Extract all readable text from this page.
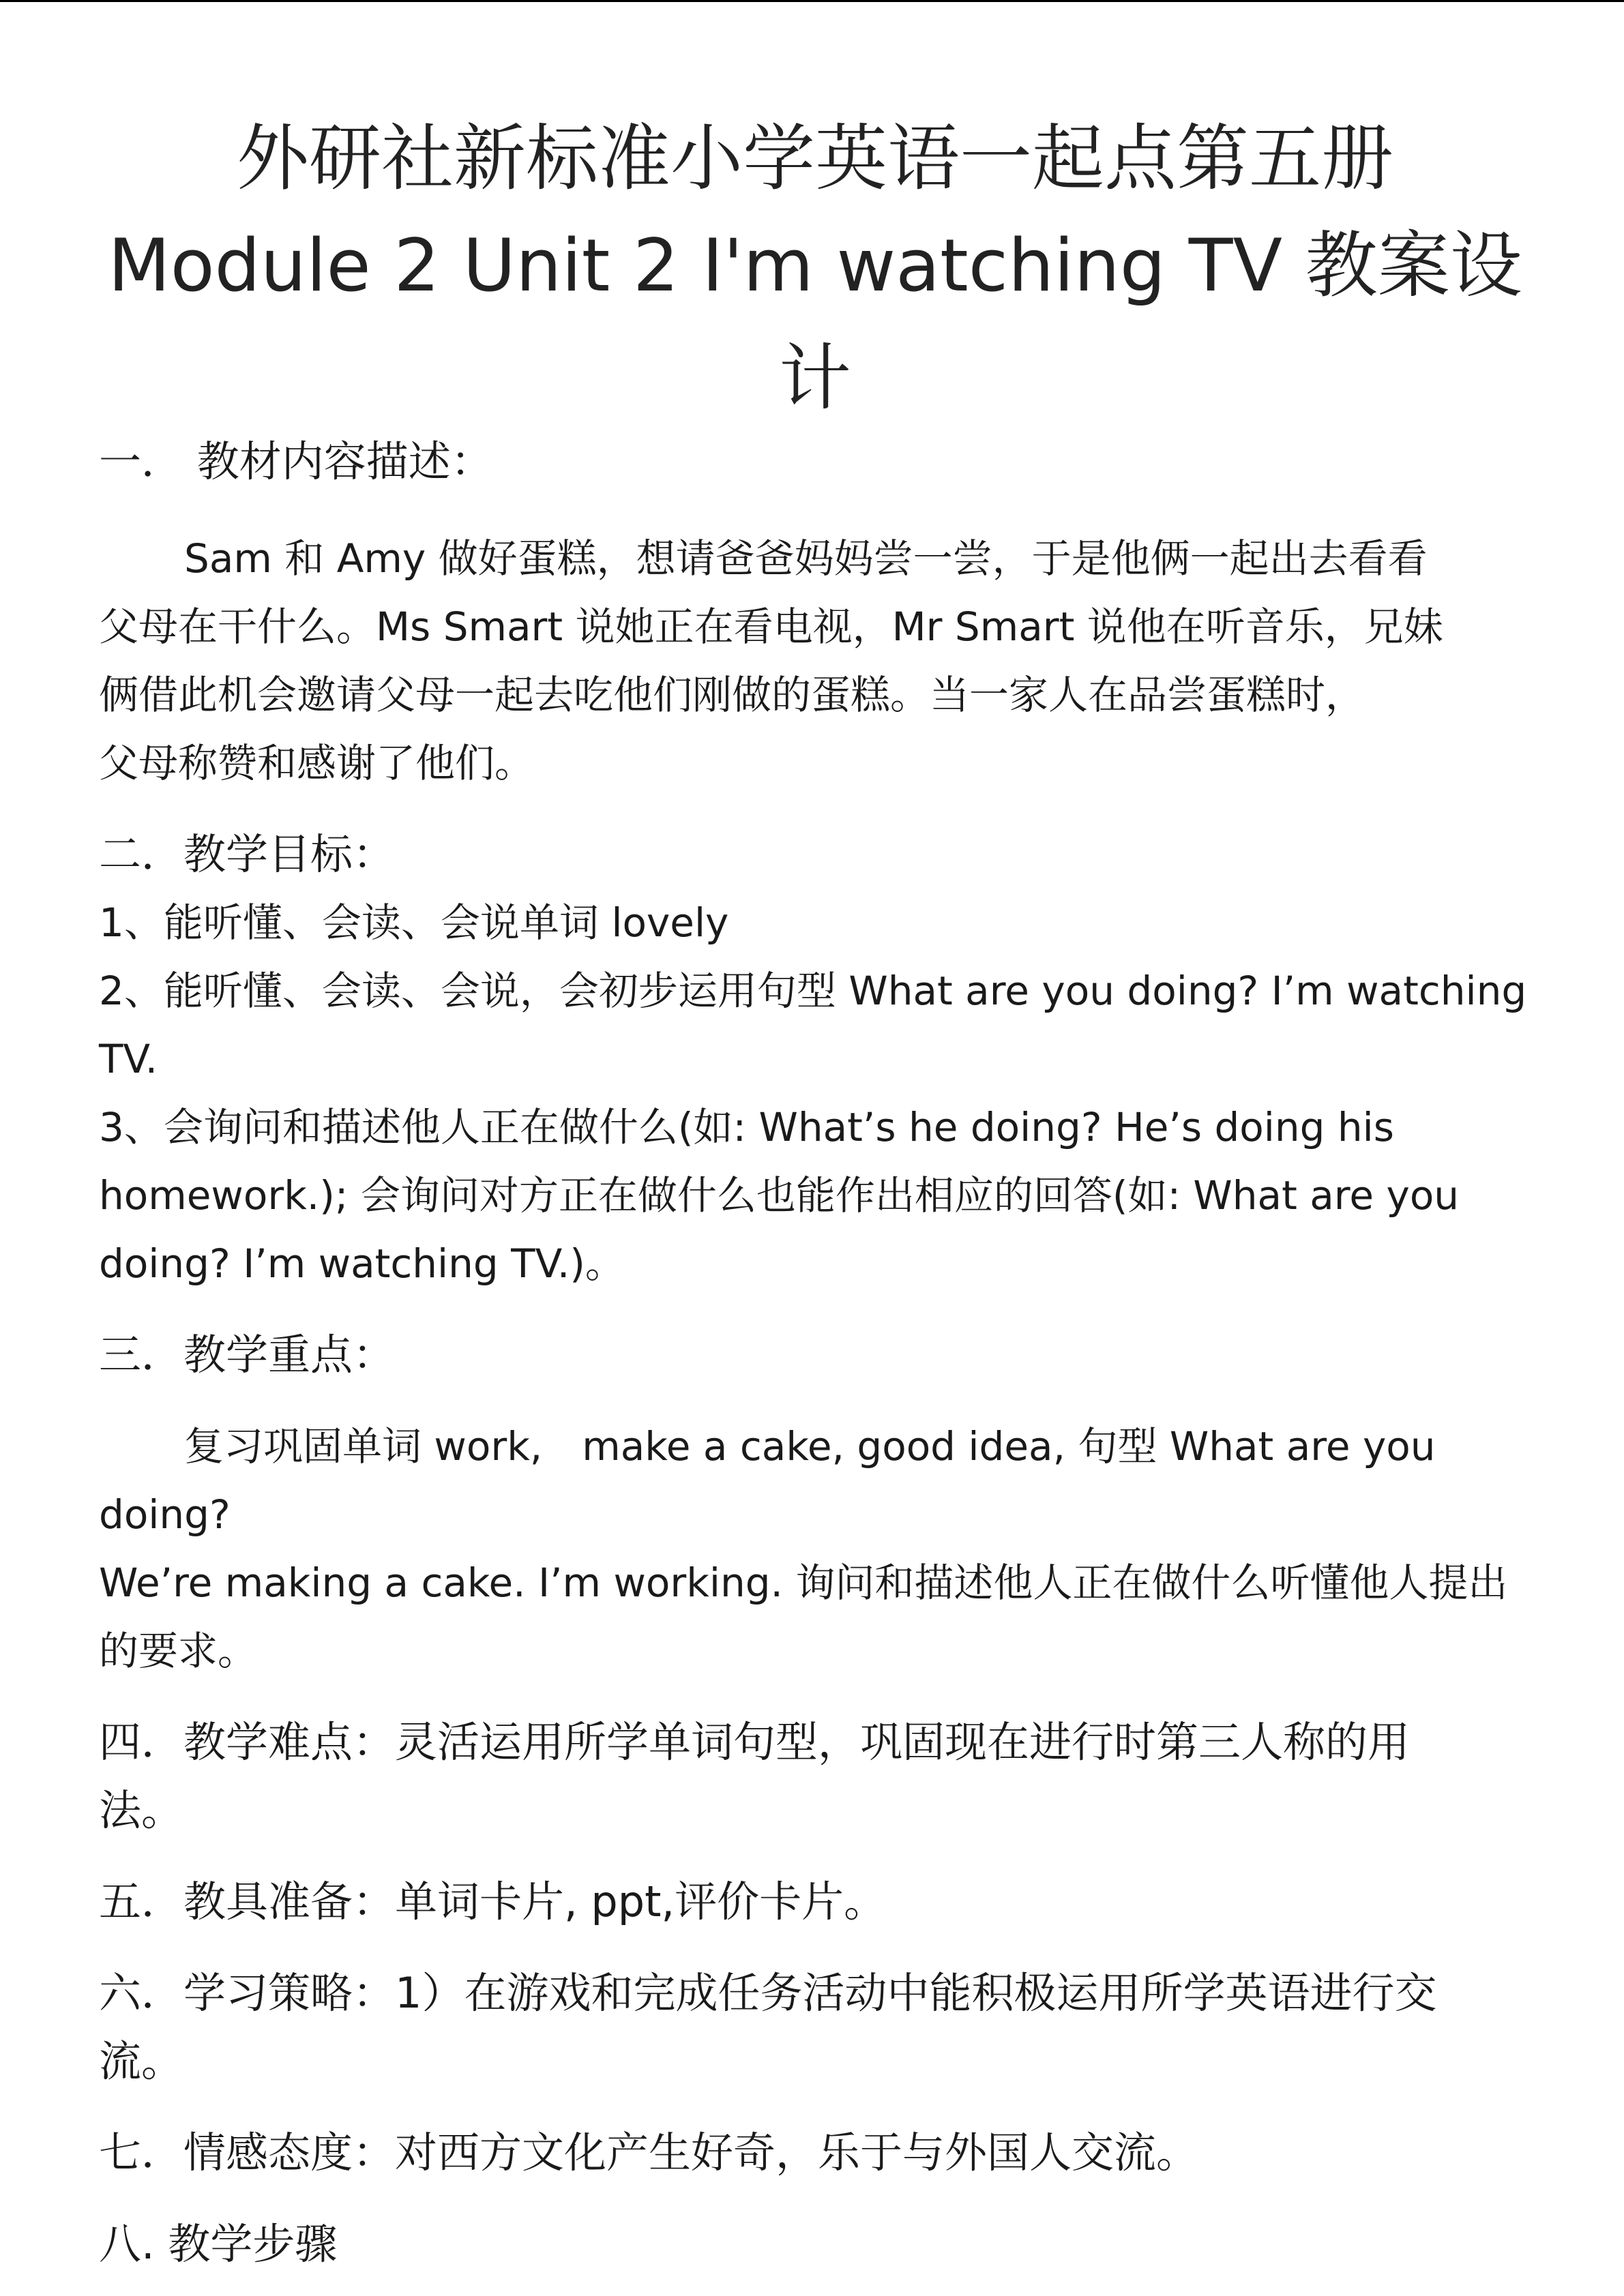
外研社新标准小学英语一起点第五册
Module 2 Unit 2 I'm watching TV 教案设计

一． 教材内容描述：

Sam 和 Amy 做好蛋糕，想请爸爸妈妈尝一尝，于是他俩一起出去看看

父母在干什么。Ms Smart 说她正在看电视，Mr Smart 说他在听音乐，兄妹

俩借此机会邀请父母一起去吃他们刚做的蛋糕。当一家人在品尝蛋糕时，

父母称赞和感谢了他们。

二．教学目标：

1、能听懂、会读、会说单词 lovely

2、能听懂、会读、会说，会初步运用句型 What are you doing? I’m watching

TV.

3、会询问和描述他人正在做什么(如: What’s he doing? He’s doing his

homework.); 会询问对方正在做什么也能作出相应的回答(如: What are you

doing? I’m watching TV.)。

三．教学重点：

复习巩固单词 work,　make a cake, good idea, 句型 What are you doing?

We’re making a cake. I’m working. 询问和描述他人正在做什么听懂他人提出

的要求。

四．教学难点：灵活运用所学单词句型，巩固现在进行时第三人称的用

法。

五．教具准备：单词卡片, ppt,评价卡片。

六．学习策略：1）在游戏和完成任务活动中能积极运用所学英语进行交

流。

七．情感态度：对西方文化产生好奇，乐于与外国人交流。

八. 教学步骤
